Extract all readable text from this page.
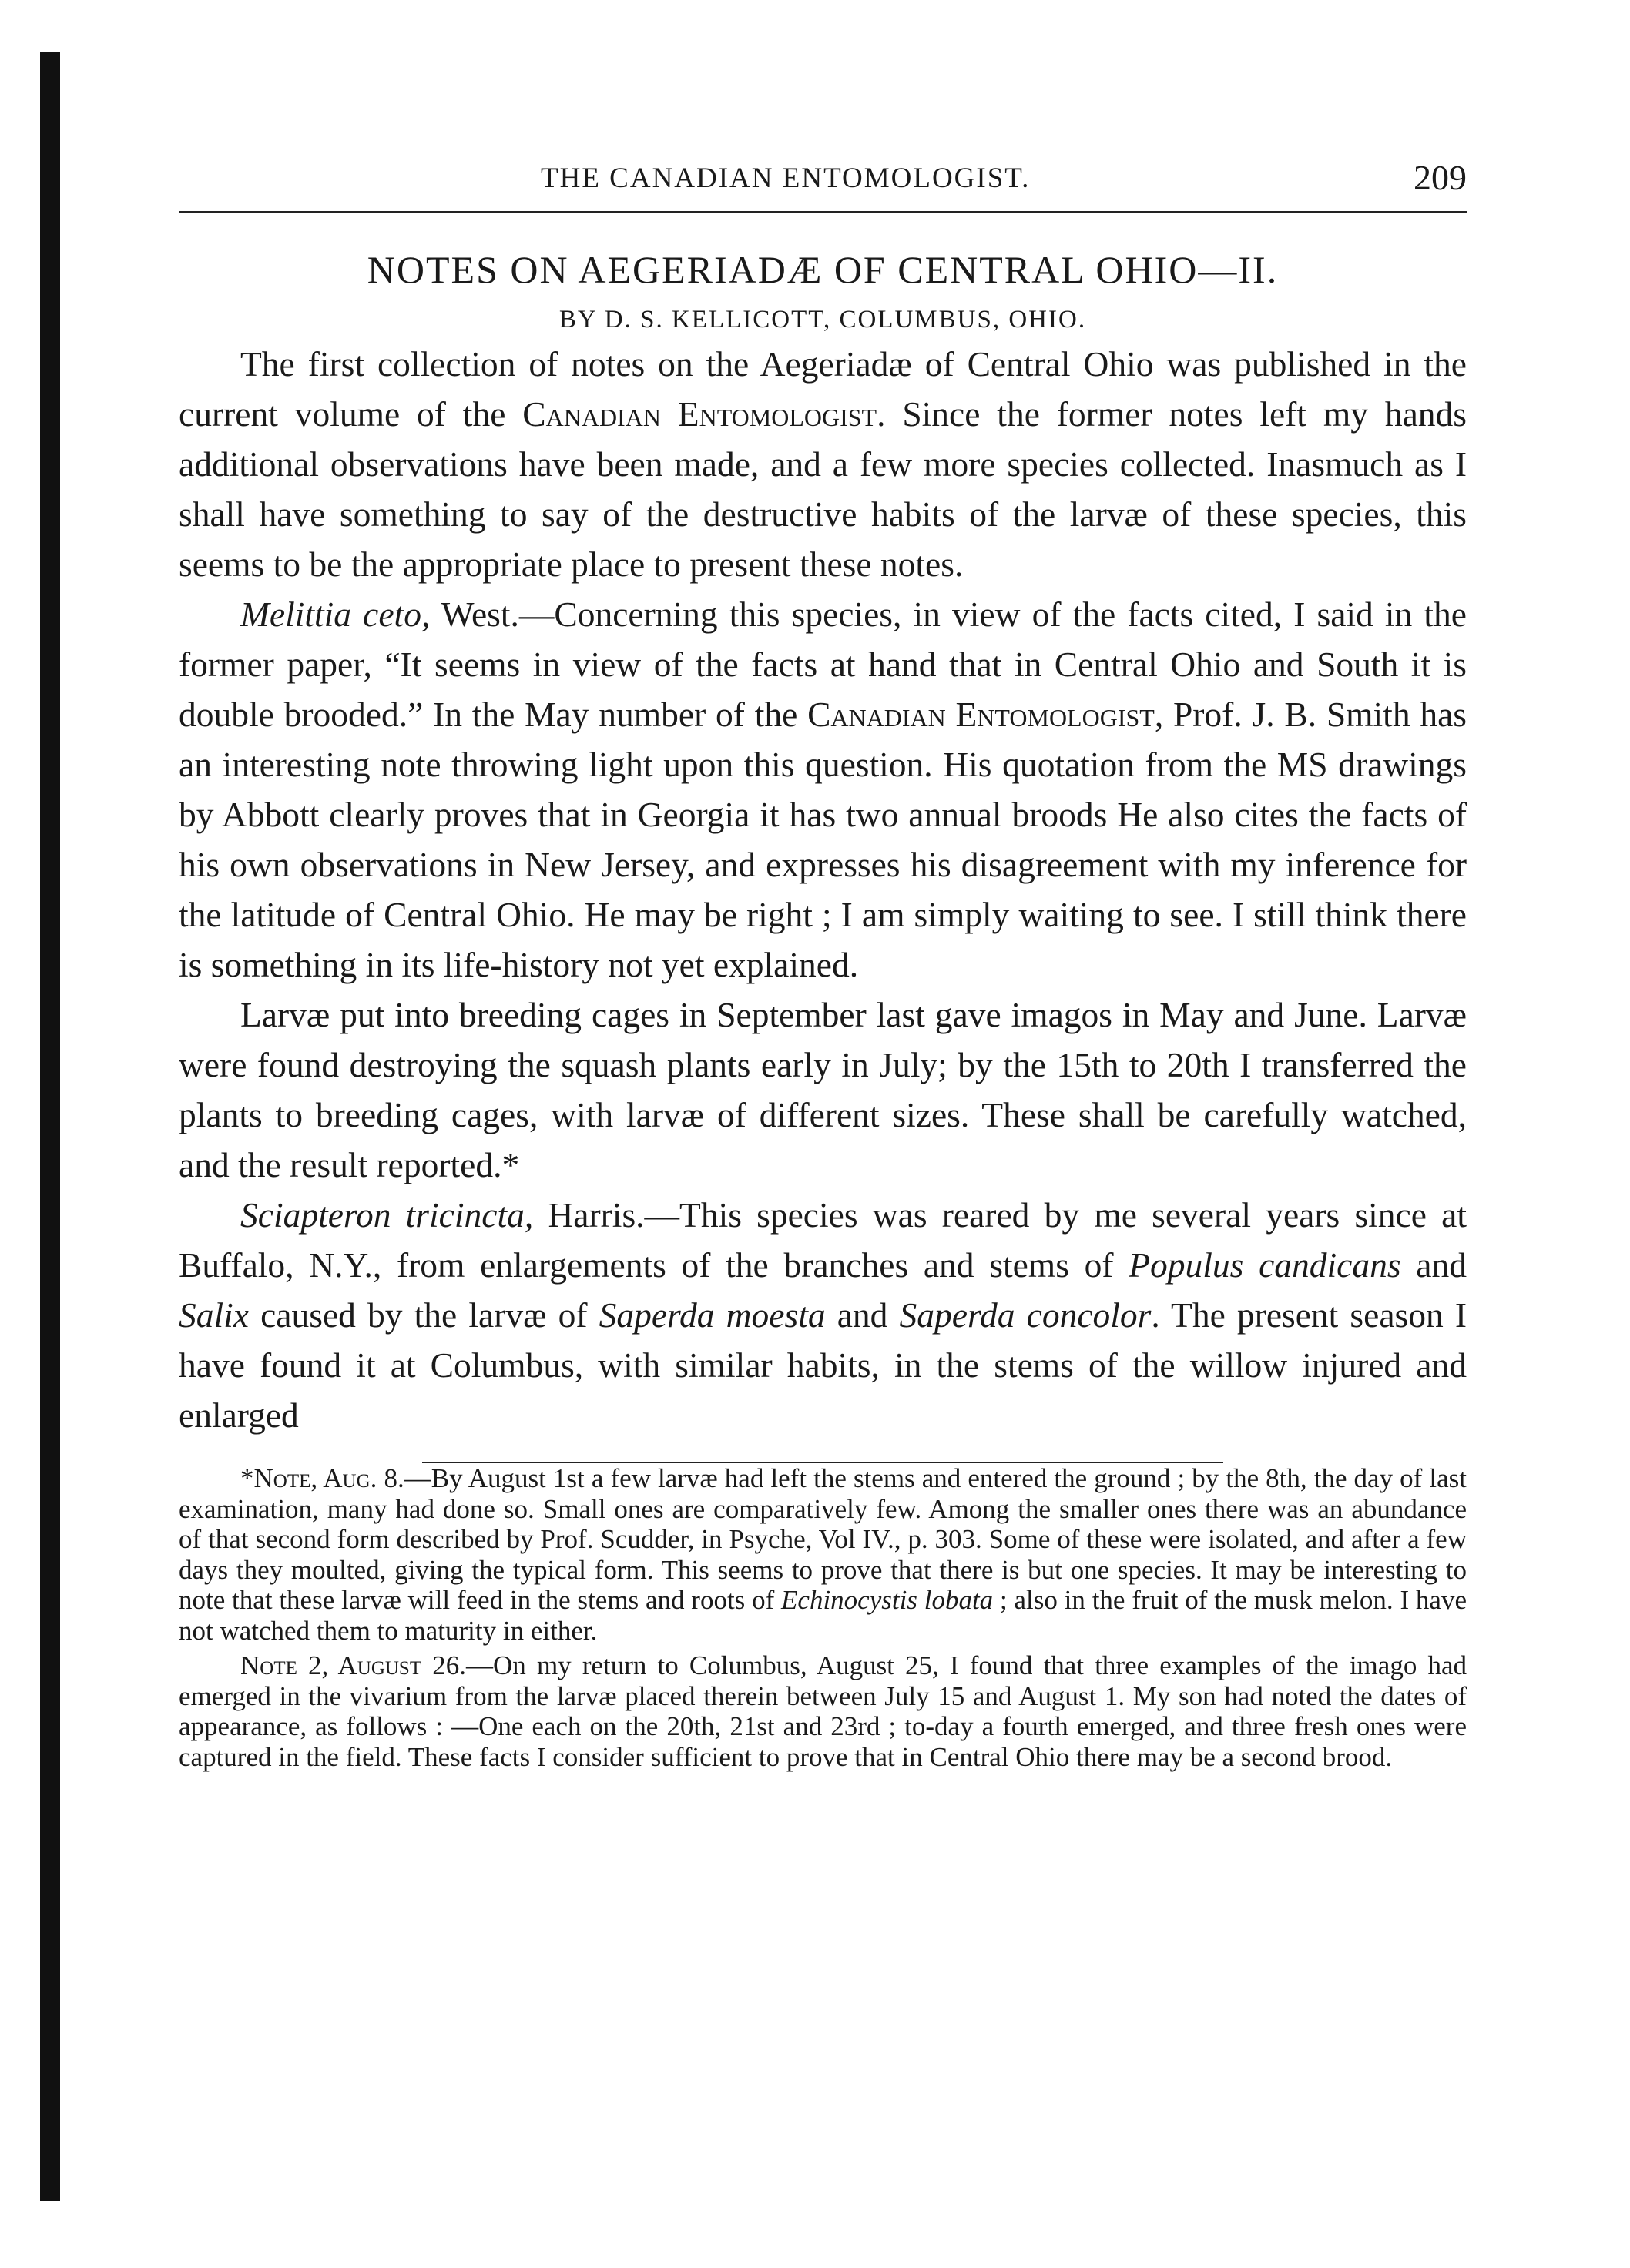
THE CANADIAN ENTOMOLOGIST.	209
NOTES ON AEGERIADÆ OF CENTRAL OHIO—II.
BY D. S. KELLICOTT, COLUMBUS, OHIO.

The first collection of notes on the Aegeriadæ of Central Ohio was published in the current volume of the Canadian Entomologist. Since the former notes left my hands additional observations have been made, and a few more species collected. Inasmuch as I shall have something to say of the destructive habits of the larvæ of these species, this seems to be the appropriate place to present these notes.

Melittia ceto, West.—Concerning this species, in view of the facts cited, I said in the former paper, “It seems in view of the facts at hand that in Central Ohio and South it is double brooded.” In the May number of the Canadian Entomologist, Prof. J. B. Smith has an interesting note throwing light upon this question. His quotation from the MS drawings by Abbott clearly proves that in Georgia it has two annual broods He also cites the facts of his own observations in New Jersey, and expresses his disagreement with my inference for the latitude of Central Ohio. He may be right ; I am simply waiting to see. I still think there is something in its life-history not yet explained.

Larvæ put into breeding cages in September last gave imagos in May and June. Larvæ were found destroying the squash plants early in July; by the 15th to 20th I transferred the plants to breeding cages, with larvæ of different sizes. These shall be carefully watched, and the result reported.*

Sciapteron tricincta, Harris.—This species was reared by me several years since at Buffalo, N.Y., from enlargements of the branches and stems of Populus candicans and Salix caused by the larvæ of Saperda moesta and Saperda concolor. The present season I have found it at Columbus, with similar habits, in the stems of the willow injured and enlarged

*Note, Aug. 8.—By August 1st a few larvæ had left the stems and entered the ground ; by the 8th, the day of last examination, many had done so. Small ones are comparatively few. Among the smaller ones there was an abundance of that second form described by Prof. Scudder, in Psyche, Vol IV., p. 303. Some of these were isolated, and after a few days they moulted, giving the typical form. This seems to prove that there is but one species. It may be interesting to note that these larvæ will feed in the stems and roots of Echinocystis lobata ; also in the fruit of the musk melon. I have not watched them to maturity in either.

Note 2, August 26.—On my return to Columbus, August 25, I found that three examples of the imago had emerged in the vivarium from the larvæ placed therein between July 15 and August 1. My son had noted the dates of appearance, as follows : —One each on the 20th, 21st and 23rd ; to-day a fourth emerged, and three fresh ones were captured in the field. These facts I consider sufficient to prove that in Central Ohio there may be a second brood.
